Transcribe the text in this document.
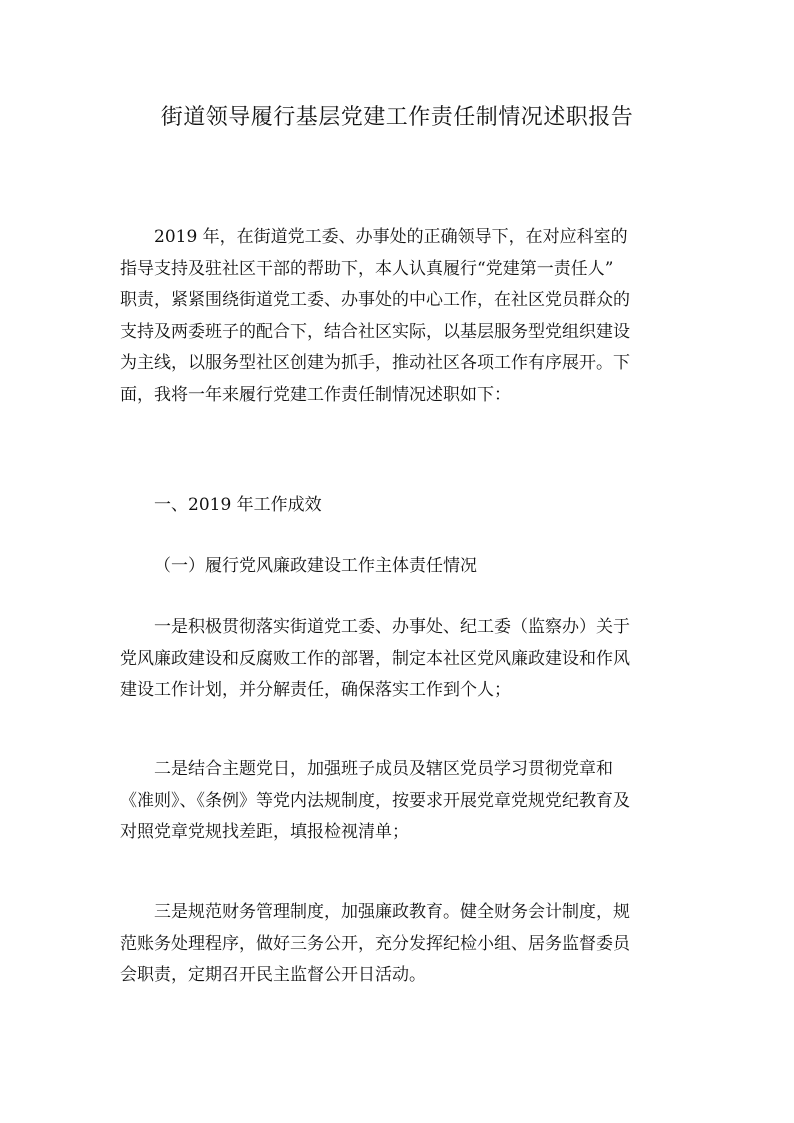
街道领导履行基层党建工作责任制情况述职报告
2019 年，在街道党工委、办事处的正确领导下，在对应科室的
指导支持及驻社区干部的帮助下，本人认真履行“党建第一责任人”
职责，紧紧围绕街道党工委、办事处的中心工作，在社区党员群众的
支持及两委班子的配合下，结合社区实际，以基层服务型党组织建设
为主线，以服务型社区创建为抓手，推动社区各项工作有序展开。下
面，我将一年来履行党建工作责任制情况述职如下：
一、2019 年工作成效
（一）履行党风廉政建设工作主体责任情况
一是积极贯彻落实街道党工委、办事处、纪工委（监察办）关于
党风廉政建设和反腐败工作的部署，制定本社区党风廉政建设和作风
建设工作计划，并分解责任，确保落实工作到个人；
二是结合主题党日，加强班子成员及辖区党员学习贯彻党章和
《准则》、《条例》等党内法规制度，按要求开展党章党规党纪教育及
对照党章党规找差距，填报检视清单；
三是规范财务管理制度，加强廉政教育。健全财务会计制度，规
范账务处理程序，做好三务公开，充分发挥纪检小组、居务监督委员
会职责，定期召开民主监督公开日活动。
